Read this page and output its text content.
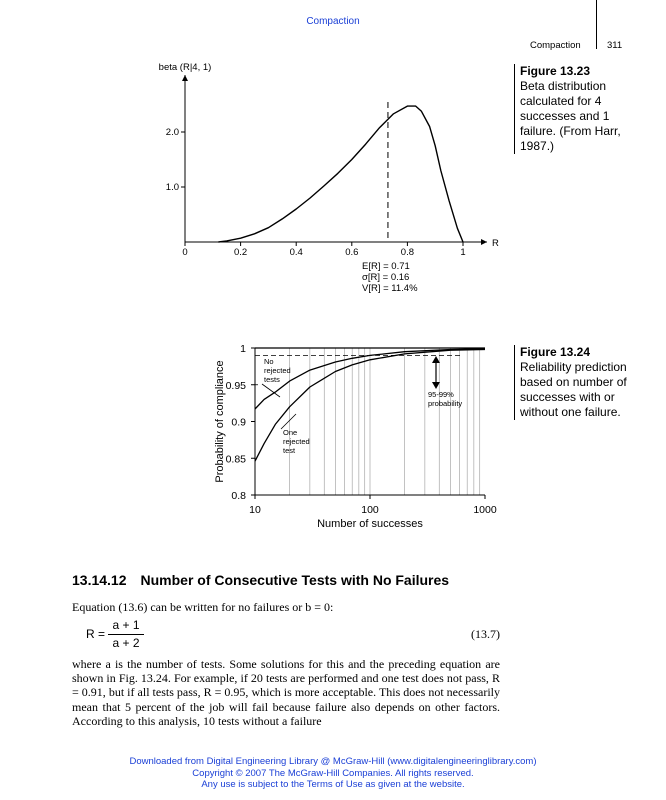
Compaction
Compaction	311
beta (R|4, 1)
R
0	0.2	0.4	0.6	0.8	1
1.0
2.0
E[R] = 0.71
σ[R] = 0.16
V[R] = 11.4%
Figure 13.23
Beta distribution calculated for 4 successes and 1 failure. (From Harr, 1987.)
0.8
0.85
0.9
0.95
1
10	100	1000
Number of successes
Probability of compliance	No
rejected
tests
One
rejected
test
95-99%
probability
Figure 13.24
Reliability prediction based on number of successes with or without one failure.
13.14.12 Number of Consecutive Tests with No Failures
Equation (13.6) can be written for no failures or b = 0:
R =
a + 1
a + 2
(13.7)
where a is the number of tests. Some solutions for this and the preceding equation are shown in Fig. 13.24. For example, if 20 tests are performed and one test does not pass, R = 0.91, but if all tests pass, R = 0.95, which is more acceptable. This does not necessarily mean that 5 percent of the job will fail because failure also depends on other factors. According to this analysis, 10 tests without a failure
Downloaded from Digital Engineering Library @ McGraw-Hill (www.digitalengineeringlibrary.com)
Copyright © 2007 The McGraw-Hill Companies. All rights reserved.
Any use is subject to the Terms of Use as given at the website.
